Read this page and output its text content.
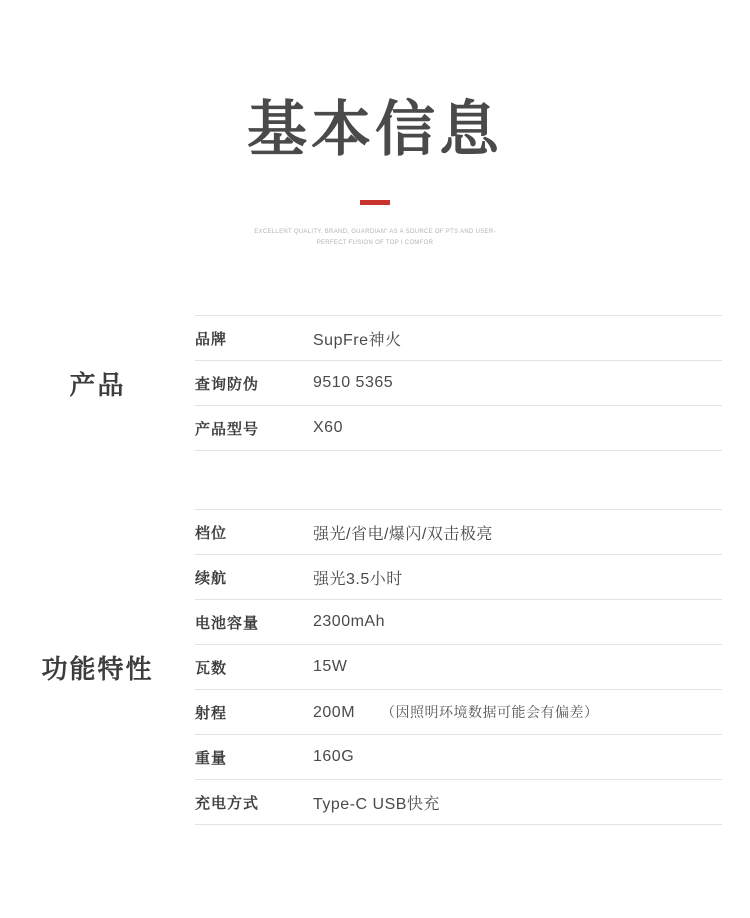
基本信息
EXCELLENT QUALITY, BRAND, GUARDIAN" AS A SOURCE OF PTS AND USER-
PERFECT FUSION OF TOP I COMFOR
产品
品牌	SupFre神火
查询防伪	9510 5365
产品型号	X60
功能特性
档位	强光/省电/爆闪/双击极亮
续航	强光3.5小时
电池容量	2300mAh
瓦数	15W
射程	200M （因照明环境数据可能会有偏差）
重量	160G
充电方式	Type-C USB快充
